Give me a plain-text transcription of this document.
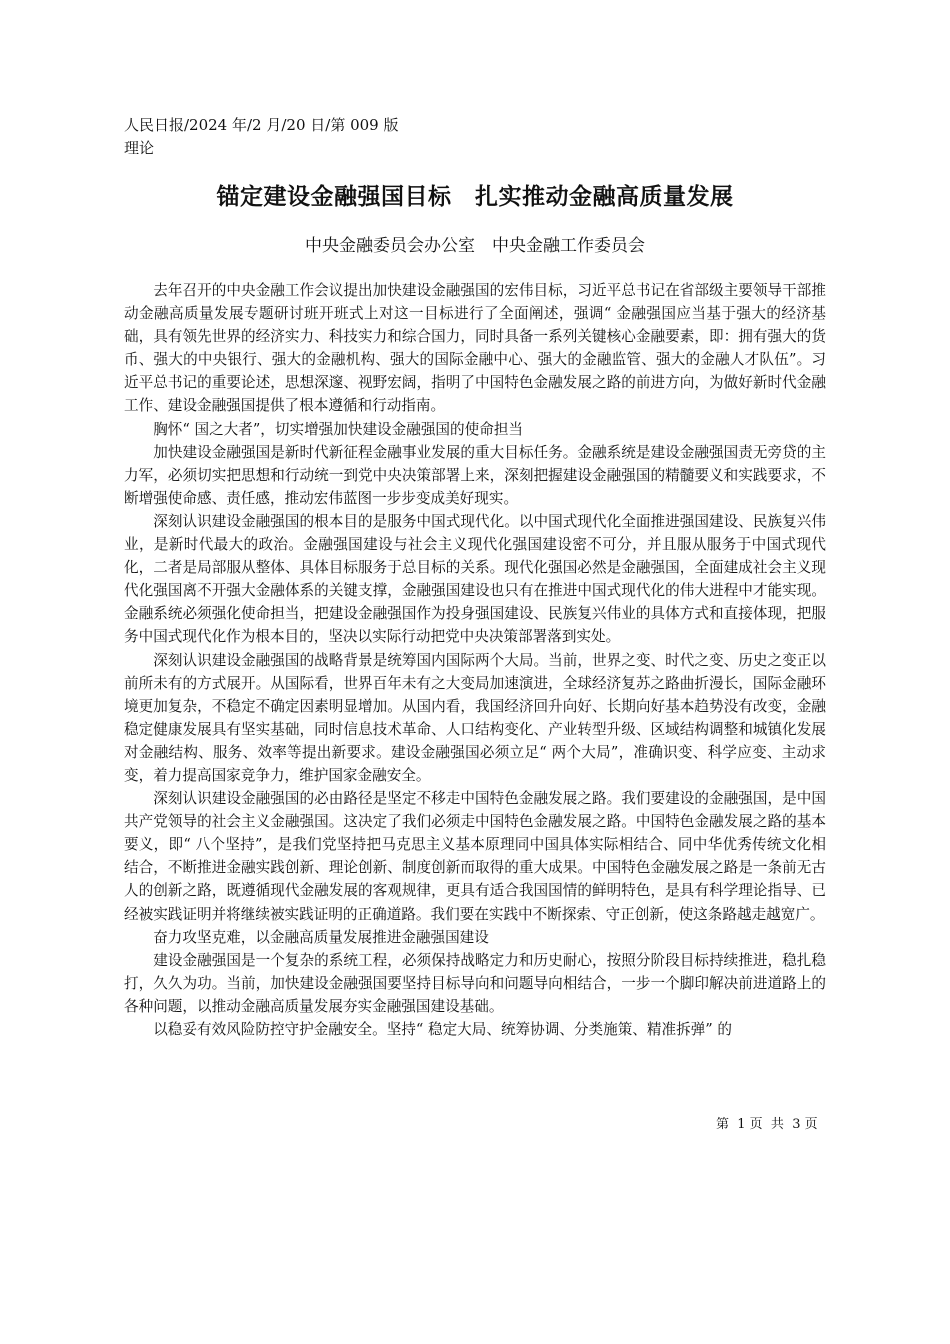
人民日报/2024 年/2 月/20 日/第 009 版理论
锚定建设金融强国目标　扎实推动金融高质量发展
中央金融委员会办公室　中央金融工作委员会

去年召开的中央金融工作会议提出加快建设金融强国的宏伟目标，习近平总书记在省部级主要领导干部推动金融高质量发展专题研讨班开班式上对这一目标进行了全面阐述，强调“ 金融强国应当基于强大的经济基础，具有领先世界的经济实力、科技实力和综合国力，同时具备一系列关键核心金融要素，即：拥有强大的货币、强大的中央银行、强大的金融机构、强大的国际金融中心、强大的金融监管、强大的金融人才队伍”。习近平总书记的重要论述，思想深邃、视野宏阔，指明了中国特色金融发展之路的前进方向，为做好新时代金融工作、建设金融强国提供了根本遵循和行动指南。

胸怀“ 国之大者”，切实增强加快建设金融强国的使命担当

加快建设金融强国是新时代新征程金融事业发展的重大目标任务。金融系统是建设金融强国责无旁贷的主力军，必须切实把思想和行动统一到党中央决策部署上来，深刻把握建设金融强国的精髓要义和实践要求，不断增强使命感、责任感，推动宏伟蓝图一步步变成美好现实。

深刻认识建设金融强国的根本目的是服务中国式现代化。以中国式现代化全面推进强国建设、民族复兴伟业，是新时代最大的政治。金融强国建设与社会主义现代化强国建设密不可分，并且服从服务于中国式现代化，二者是局部服从整体、具体目标服务于总目标的关系。现代化强国必然是金融强国，全面建成社会主义现代化强国离不开强大金融体系的关键支撑，金融强国建设也只有在推进中国式现代化的伟大进程中才能实现。金融系统必须强化使命担当，把建设金融强国作为投身强国建设、民族复兴伟业的具体方式和直接体现，把服务中国式现代化作为根本目的，坚决以实际行动把党中央决策部署落到实处。

深刻认识建设金融强国的战略背景是统筹国内国际两个大局。当前，世界之变、时代之变、历史之变正以前所未有的方式展开。从国际看，世界百年未有之大变局加速演进，全球经济复苏之路曲折漫长，国际金融环境更加复杂，不稳定不确定因素明显增加。从国内看，我国经济回升向好、长期向好基本趋势没有改变，金融稳定健康发展具有坚实基础，同时信息技术革命、人口结构变化、产业转型升级、区域结构调整和城镇化发展对金融结构、服务、效率等提出新要求。建设金融强国必须立足“ 两个大局”，准确识变、科学应变、主动求变，着力提高国家竞争力，维护国家金融安全。

深刻认识建设金融强国的必由路径是坚定不移走中国特色金融发展之路。我们要建设的金融强国，是中国共产党领导的社会主义金融强国。这决定了我们必须走中国特色金融发展之路。中国特色金融发展之路的基本要义，即“ 八个坚持”，是我们党坚持把马克思主义基本原理同中国具体实际相结合、同中华优秀传统文化相结合，不断推进金融实践创新、理论创新、制度创新而取得的重大成果。中国特色金融发展之路是一条前无古人的创新之路，既遵循现代金融发展的客观规律，更具有适合我国国情的鲜明特色，是具有科学理论指导、已经被实践证明并将继续被实践证明的正确道路。我们要在实践中不断探索、守正创新，使这条路越走越宽广。

奋力攻坚克难，以金融高质量发展推进金融强国建设

建设金融强国是一个复杂的系统工程，必须保持战略定力和历史耐心，按照分阶段目标持续推进，稳扎稳打，久久为功。当前，加快建设金融强国要坚持目标导向和问题导向相结合，一步一个脚印解决前进道路上的各种问题，以推动金融高质量发展夯实金融强国建设基础。

以稳妥有效风险防控守护金融安全。坚持“ 稳定大局、统筹协调、分类施策、精准拆弹” 的

第  1 页  共  3 页
